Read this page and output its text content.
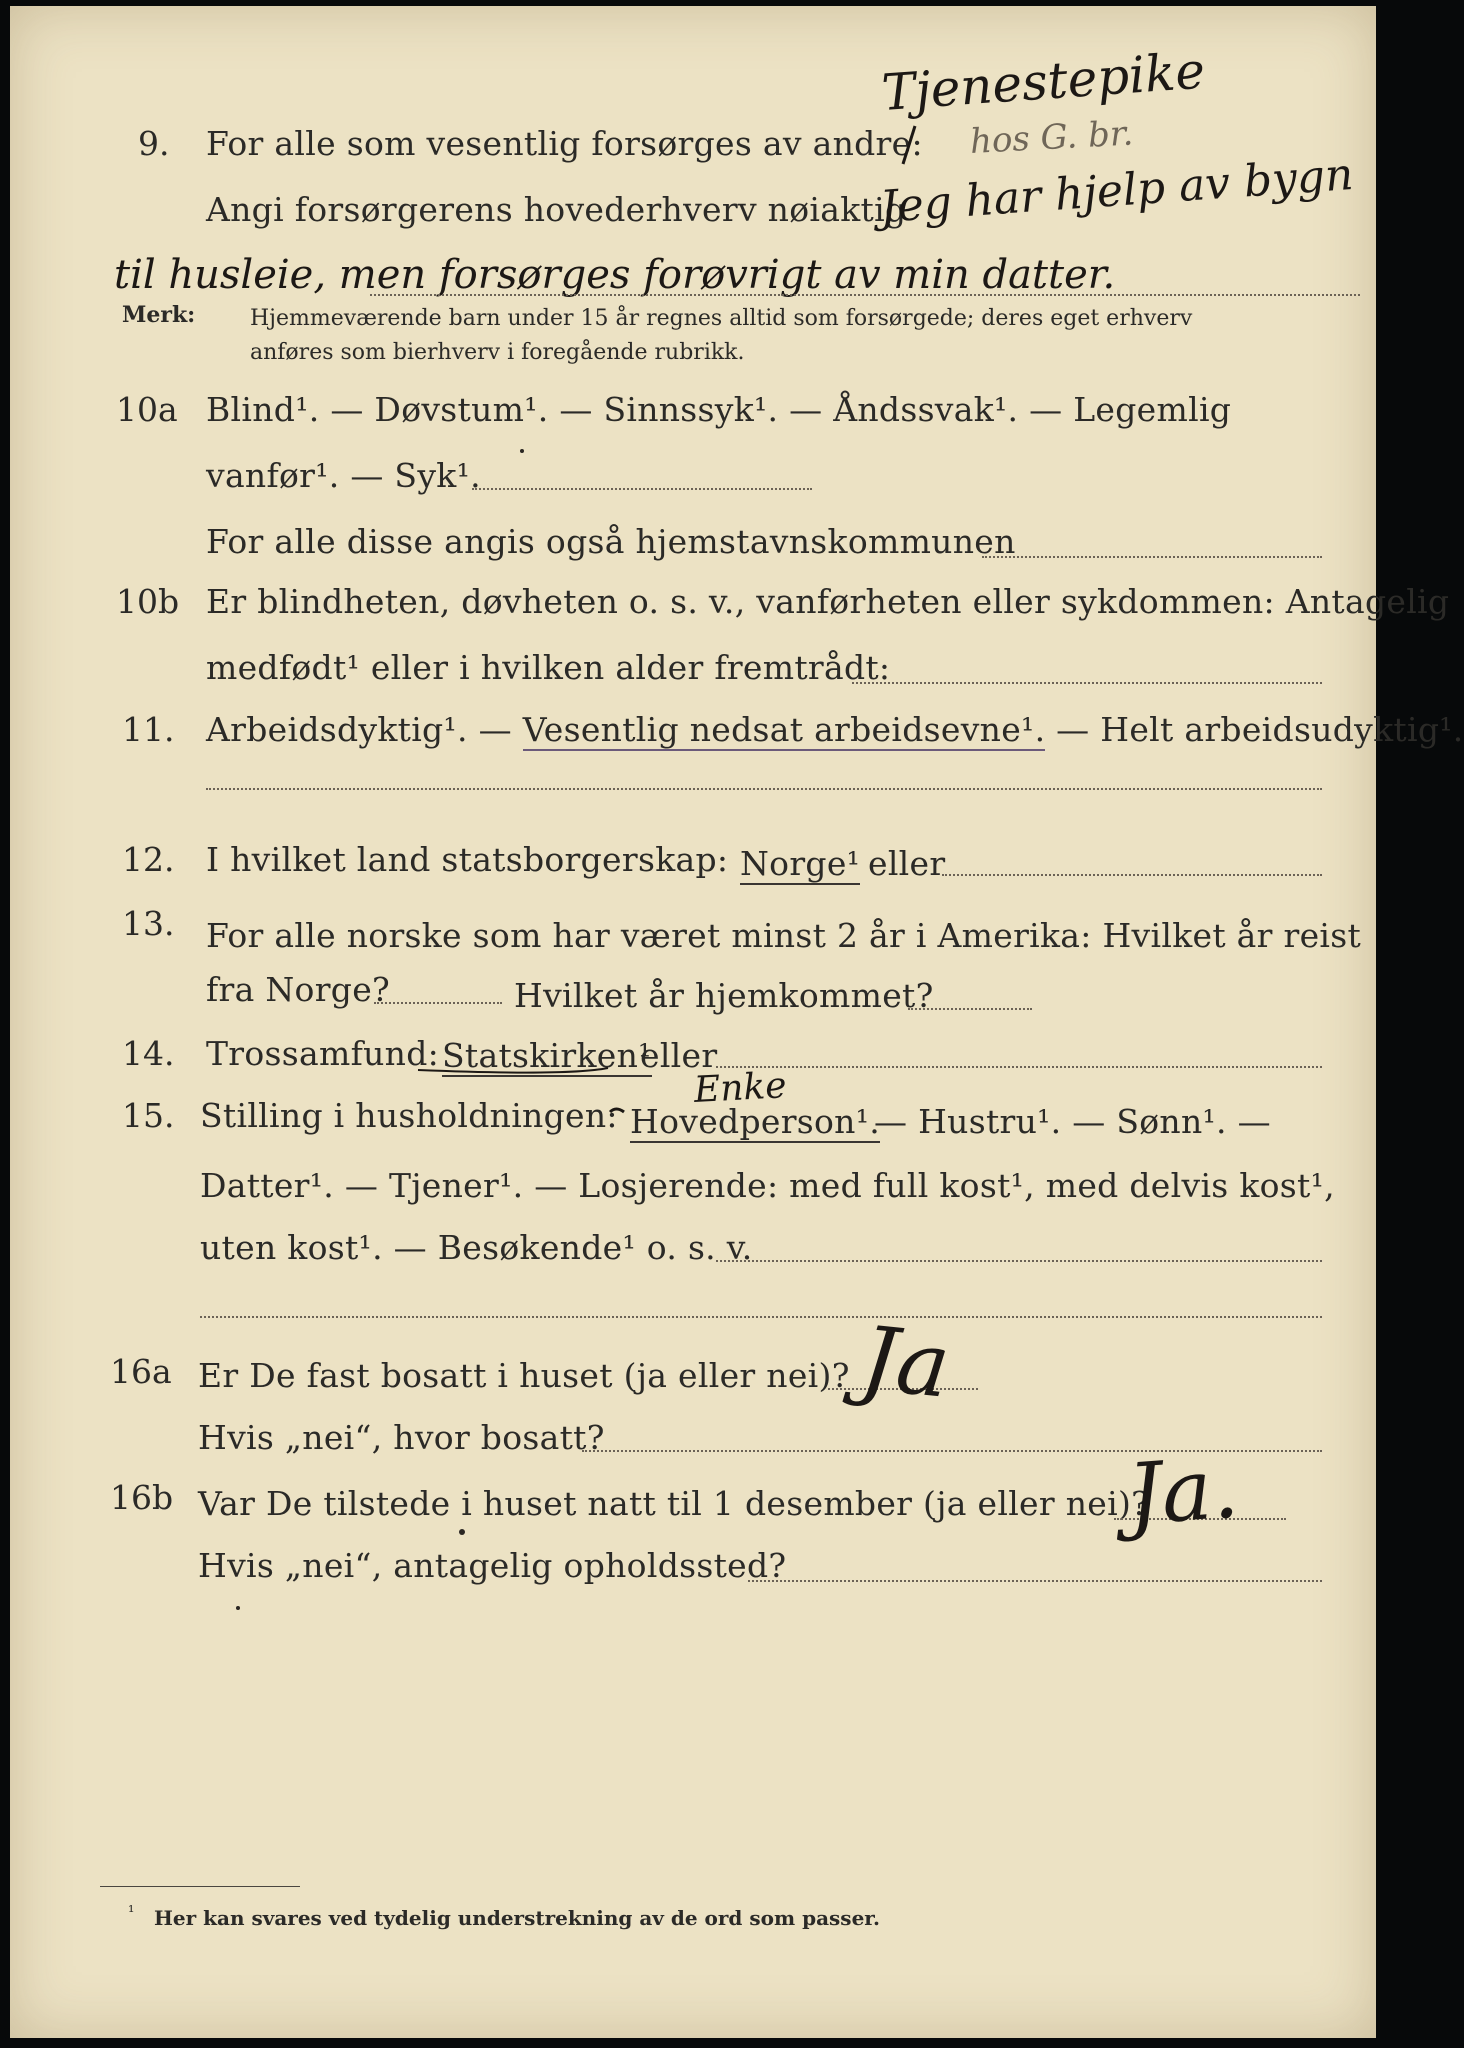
Tjenestepike
hos G. br.
9. For alle som vesentlig forsørges av andre:
Angi forsørgerens hovederhverv nøiaktig
Jeg har hjelp av bygn
til husleie, men forsørges forøvrigt av min datter.
Merk: Hjemmeværende barn under 15 år regnes alltid som forsørgede; deres eget erhverv
anføres som bierhverv i foregående rubrikk.
10a Blind¹. — Døvstum¹. — Sinnssyk¹. — Åndssvak¹. — Legemlig
vanfør¹. — Syk¹.
For alle disse angis også hjemstavnskommunen
10b Er blindheten, døvheten o. s. v., vanførheten eller sykdommen: Antagelig
medfødt¹ eller i hvilken alder fremtrådt:
11. Arbeidsdyktig¹. — Vesentlig nedsat arbeidsevne¹. — Helt arbeidsudyktig¹.
12. I hvilket land statsborgerskap: Norge¹ eller
13. For alle norske som har været minst 2 år i Amerika: Hvilket år reist
fra Norge?	Hvilket år hjemkommet?
14. Trossamfund: Statskirken¹
eller
Enke
15. Stilling i husholdningen: Hovedperson¹.
— Hustru¹. — Sønn¹. —
Datter¹. — Tjener¹. — Losjerende: med full kost¹, med delvis kost¹,
uten kost¹. — Besøkende¹ o. s. v.
16a Er De fast bosatt i huset (ja eller nei)? Ja
Hvis „nei“, hvor bosatt?
16b Var De tilstede i huset natt til 1 desember (ja eller nei)?
Ja.
Hvis „nei“, antagelig opholdssted?
¹ Her kan svares ved tydelig understrekning av de ord som passer.
